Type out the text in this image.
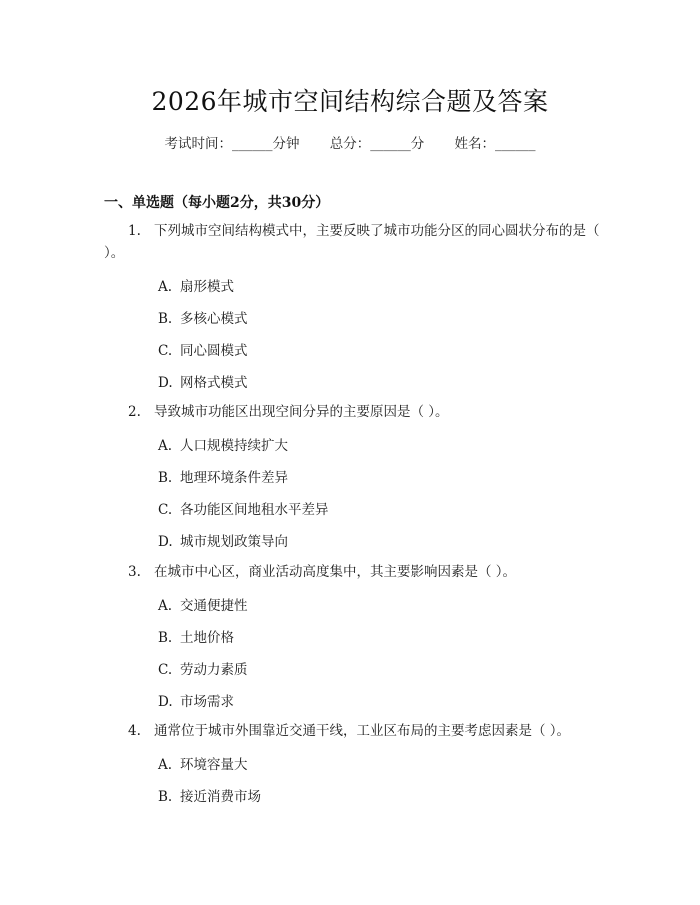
2026年城市空间结构综合题及答案
考试时间：______分钟 总分：______分 姓名：______
一、单选题（每小题2分，共30分）
1. 下列城市空间结构模式中，主要反映了城市功能分区的同心圆状分布的是（ ）。
A. 扇形模式
B. 多核心模式
C. 同心圆模式
D. 网格式模式
2. 导致城市功能区出现空间分异的主要原因是（ ）。
A. 人口规模持续扩大
B. 地理环境条件差异
C. 各功能区间地租水平差异
D. 城市规划政策导向
3. 在城市中心区，商业活动高度集中，其主要影响因素是（ ）。
A. 交通便捷性
B. 土地价格
C. 劳动力素质
D. 市场需求
4. 通常位于城市外围靠近交通干线，工业区布局的主要考虑因素是（ ）。
A. 环境容量大
B. 接近消费市场
